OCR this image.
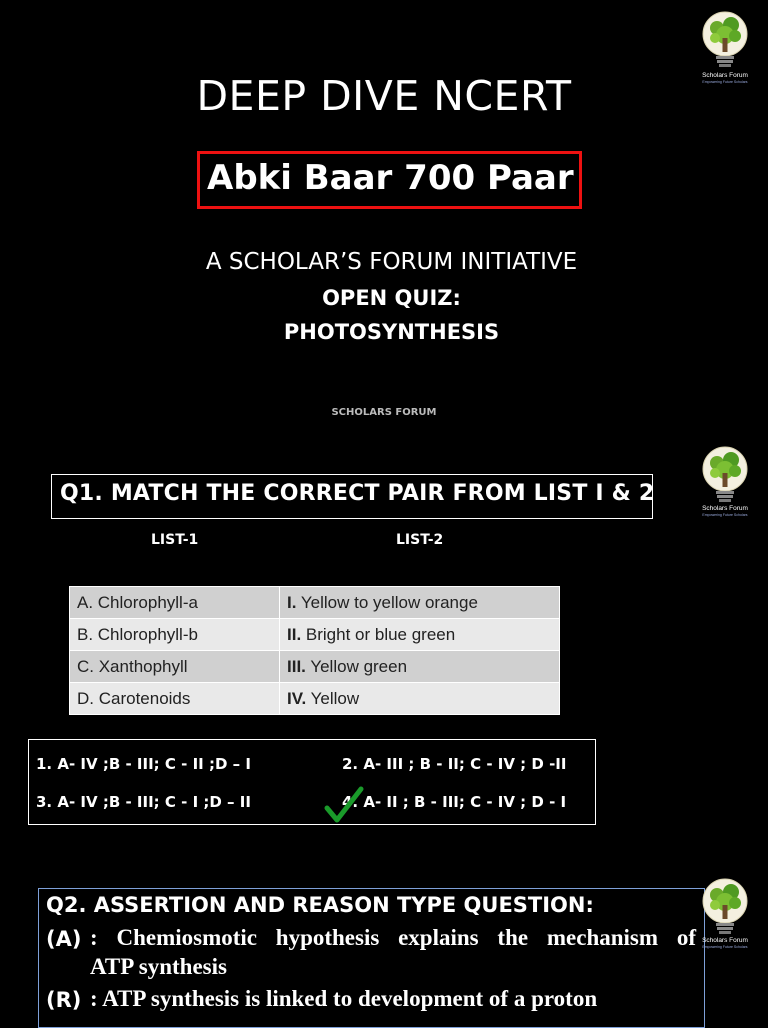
Scholars Forum
Empowering Future Scholars
DEEP DIVE NCERT
Abki Baar 700 Paar
A SCHOLAR’S FORUM INITIATIVE
OPEN QUIZ:
PHOTOSYNTHESIS
SCHOLARS FORUM
Scholars Forum
Empowering Future Scholars
Q1. MATCH THE CORRECT PAIR FROM LIST I & 2
LIST-1	LIST-2
A. Chlorophyll-a	I. Yellow to yellow orange
B. Chlorophyll-b	II. Bright or blue green
C. Xanthophyll	III. Yellow green
D. Carotenoids	IV. Yellow
1. A- IV ;B - III; C - II ;D – I	2. A- III ; B - II; C - IV ; D -II
3. A- IV ;B - III; C - I ;D – II	4. A- II ; B - III; C - IV ; D - I
Scholars Forum
Empowering Future Scholars
Q2. ASSERTION AND REASON TYPE QUESTION:
(A) : Chemiosmotic hypothesis explains the mechanism of
ATP synthesis
(R) : ATP synthesis is linked to development of a proton
